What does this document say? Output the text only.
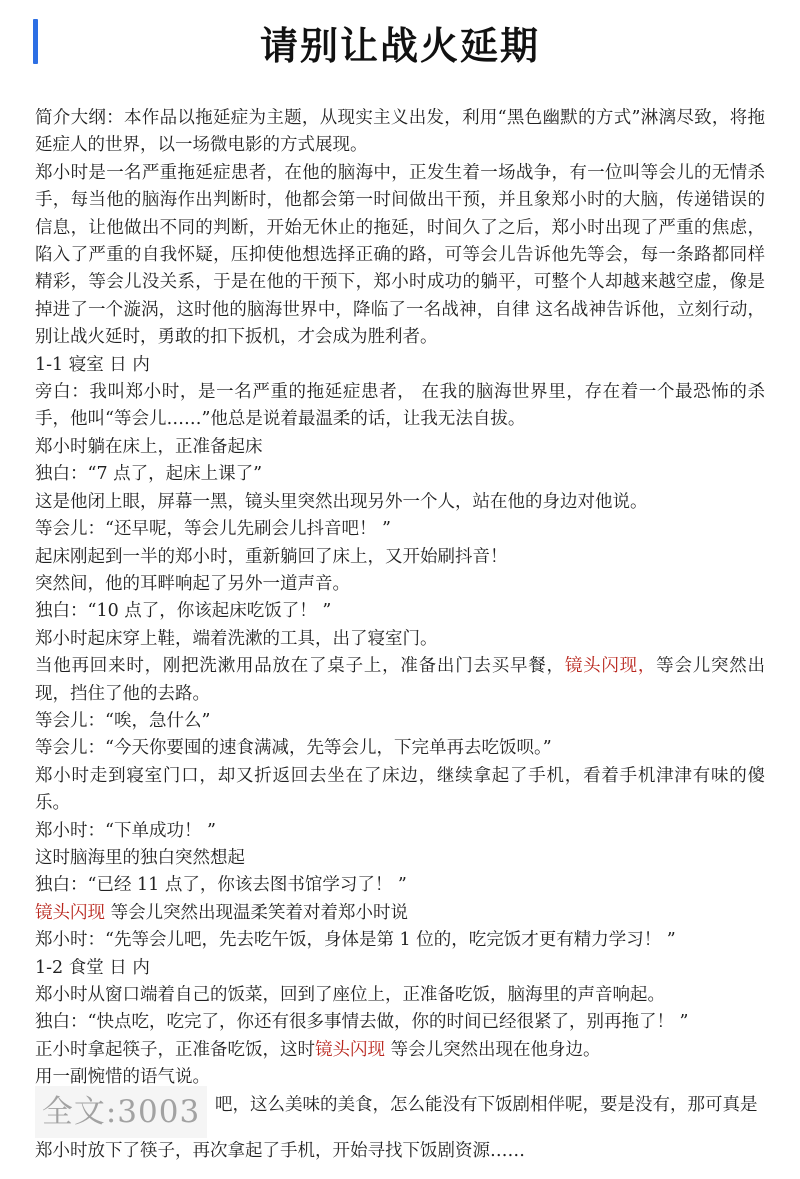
请别让战火延期

简介大纲：本作品以拖延症为主题，从现实主义出发，利用“黑色幽默的方式”淋漓尽致，将拖延症人的世界，以一场微电影的方式展现。

郑小时是一名严重拖延症患者，在他的脑海中，正发生着一场战争，有一位叫等会儿的无情杀手，每当他的脑海作出判断时，他都会第一时间做出干预，并且象郑小时的大脑，传递错误的信息，让他做出不同的判断，开始无休止的拖延，时间久了之后，郑小时出现了严重的焦虑，陷入了严重的自我怀疑，压抑使他想选择正确的路，可等会儿告诉他先等会，每一条路都同样精彩，等会儿没关系，于是在他的干预下，郑小时成功的躺平，可整个人却越来越空虚，像是掉进了一个漩涡，这时他的脑海世界中，降临了一名战神，自律 这名战神告诉他，立刻行动，别让战火延时，勇敢的扣下扳机，才会成为胜利者。

1-1 寝室 日 内

旁白：我叫郑小时，是一名严重的拖延症患者， 在我的脑海世界里，存在着一个最恐怖的杀手，他叫“等会儿……”他总是说着最温柔的话，让我无法自拔。

郑小时躺在床上，正准备起床

独白：“7 点了，起床上课了”

这是他闭上眼，屏幕一黑，镜头里突然出现另外一个人，站在他的身边对他说。

等会儿：“还早呢，等会儿先刷会儿抖音吧！ ”

起床刚起到一半的郑小时，重新躺回了床上，又开始刷抖音！

突然间，他的耳畔响起了另外一道声音。

独白：“10 点了，你该起床吃饭了！ ”

郑小时起床穿上鞋，端着洗漱的工具，出了寝室门。

当他再回来时，刚把洗漱用品放在了桌子上，准备出门去买早餐，镜头闪现，等会儿突然出现，挡住了他的去路。

等会儿：“唉，急什么”

等会儿：“今天你要囤的速食满减，先等会儿，下完单再去吃饭呗。”

郑小时走到寝室门口，却又折返回去坐在了床边，继续拿起了手机，看着手机津津有味的傻乐。

郑小时：“下单成功！ ”

这时脑海里的独白突然想起

独白：“已经 11 点了，你该去图书馆学习了！ ”

镜头闪现 等会儿突然出现温柔笑着对着郑小时说

郑小时：“先等会儿吧，先去吃午饭，身体是第 1 位的，吃完饭才更有精力学习！ ”

1-2 食堂 日 内

郑小时从窗口端着自己的饭菜，回到了座位上，正准备吃饭，脑海里的声音响起。

独白：“快点吃，吃完了，你还有很多事情去做，你的时间已经很紧了，别再拖了！ ”

正小时拿起筷子，正准备吃饭，这时镜头闪现 等会儿突然出现在他身边。

用一副惋惜的语气说。

全文:3003 吧，这么美味的美食，怎么能没有下饭剧相伴呢，要是没有，那可真是

郑小时放下了筷子，再次拿起了手机，开始寻找下饭剧资源……
